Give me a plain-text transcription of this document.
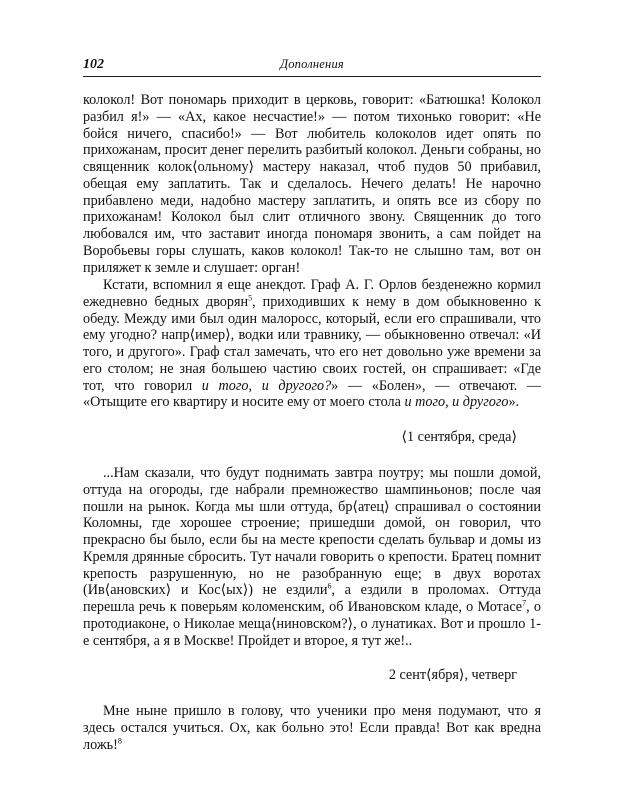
102	Дополнения

колокол! Вот пономарь приходит в церковь, говорит: «Батюшка! Колокол разбил я!» — «Ах, какое несчастие!» — потом тихонько говорит: «Не бойся ничего, спасибо!» — Вот любитель колоколов идет опять по прихожанам, просит денег перелить разбитый колокол. Деньги собраны, но священник колок⟨ольному⟩ мастеру наказал, чтоб пудов 50 прибавил, обещая ему заплатить. Так и сделалось. Нечего делать! Не нарочно прибавлено меди, надобно мастеру заплатить, и опять все из сбору по прихожанам! Колокол был слит отличного звону. Священник до того любовался им, что заставит иногда пономаря звонить, а сам пойдет на Воробьевы горы слушать, каков колокол! Так-то не слышно там, вот он приляжет к земле и слушает: орган!

Кстати, вспомнил я еще анекдот. Граф А. Г. Орлов безденежно кормил ежедневно бедных дворян$^5$, приходивших к нему в дом обыкновенно к обеду. Между ими был один малоросс, который, если его спрашивали, что ему угодно? напр⟨имер⟩, водки или травнику, — обыкновенно отвечал: «И того, и другого». Граф стал замечать, что его нет довольно уже времени за его столом; не зная большею частию своих гостей, он спрашивает: «Где тот, что говорил и того, и другого?» — «Болен», — отвечают. — «Отыщите его квартиру и носите ему от моего стола и того, и другого».

⟨1 сентября, среда⟩

...Нам сказали, что будут поднимать завтра поутру; мы пошли домой, оттуда на огороды, где набрали премножество шампиньонов; после чая пошли на рынок. Когда мы шли оттуда, бр⟨атец⟩ спрашивал о состоянии Коломны, где хорошее строение; пришедши домой, он говорил, что прекрасно бы было, если бы на месте крепости сделать бульвар и домы из Кремля дрянные сбросить. Тут начали говорить о крепости. Братец помнит крепость разрушенную, но не разобранную еще; в двух воротах (Ив⟨ановских⟩ и Кос⟨ых⟩) не ездили$^6$, а ездили в проломах. Оттуда перешла речь к поверьям коломенским, об Ивановском кладе, о Мотасе$^7$, о протодиаконе, о Николае меща⟨ниновском?⟩, о лунатиках. Вот и прошло 1-е сентября, а я в Москве! Пройдет и второе, я тут же!..

2 сент⟨ября⟩, четверг

Мне ныне пришло в голову, что ученики про меня подумают, что я здесь остался учиться. Ох, как больно это! Если правда! Вот как вредна ложь!$^8$
